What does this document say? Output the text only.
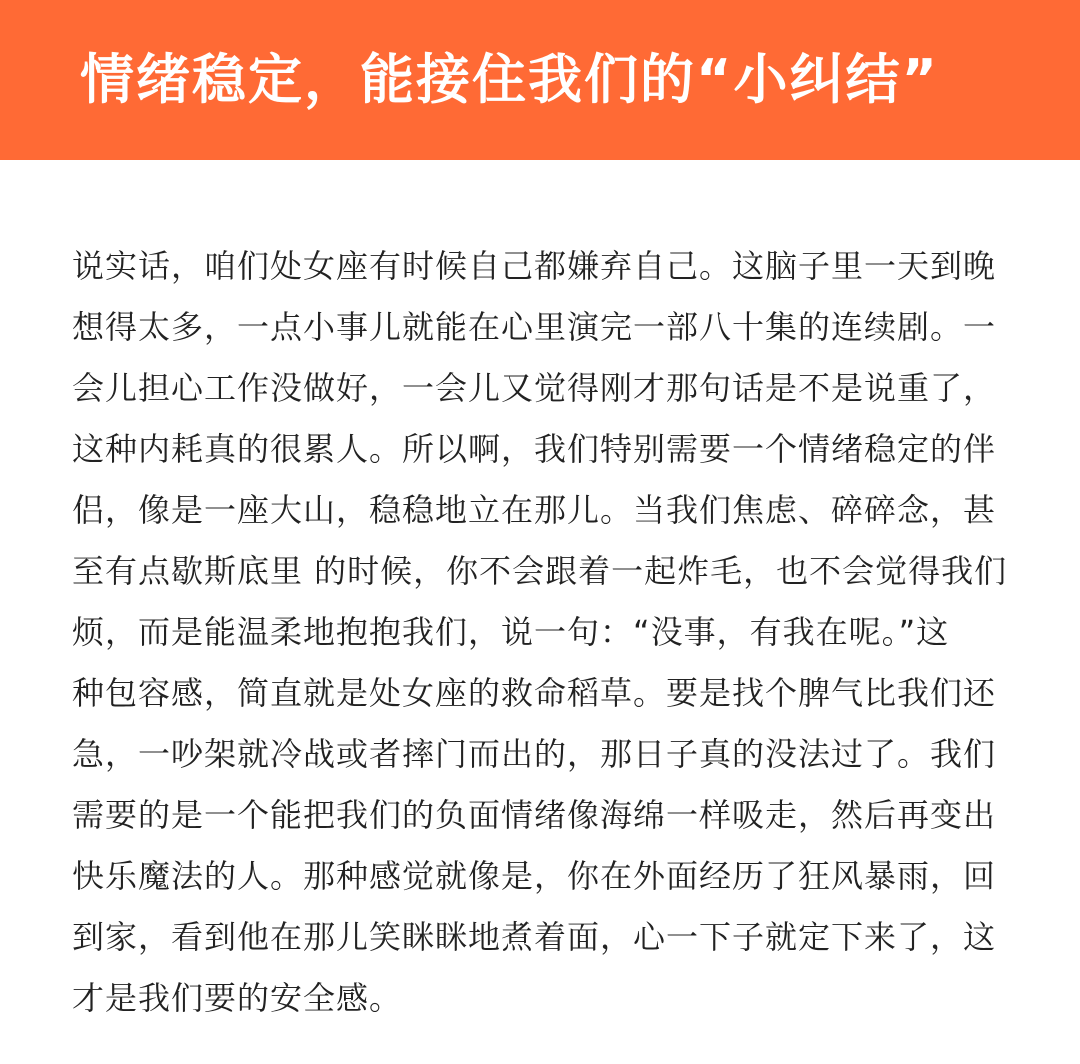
情绪稳定，能接住我们的“小纠结”
说实话，咱们处女座有时候自己都嫌弃自己。这脑子里一天到晚
想得太多，一点小事儿就能在心里演完一部八十集的连续剧。一
会儿担心工作没做好，一会儿又觉得刚才那句话是不是说重了，
这种内耗真的很累人。所以啊，我们特别需要一个情绪稳定的伴
侣，像是一座大山，稳稳地立在那儿。当我们焦虑、碎碎念，甚
至有点歇斯底里 的时候，你不会跟着一起炸毛，也不会觉得我们
烦，而是能温柔地抱抱我们，说一句：“没事，有我在呢。”这
种包容感，简直就是处女座的救命稻草。要是找个脾气比我们还
急，一吵架就冷战或者摔门而出的，那日子真的没法过了。我们
需要的是一个能把我们的负面情绪像海绵一样吸走，然后再变出
快乐魔法的人。那种感觉就像是，你在外面经历了狂风暴雨，回
到家，看到他在那儿笑眯眯地煮着面，心一下子就定下来了，这
才是我们要的安全感。
